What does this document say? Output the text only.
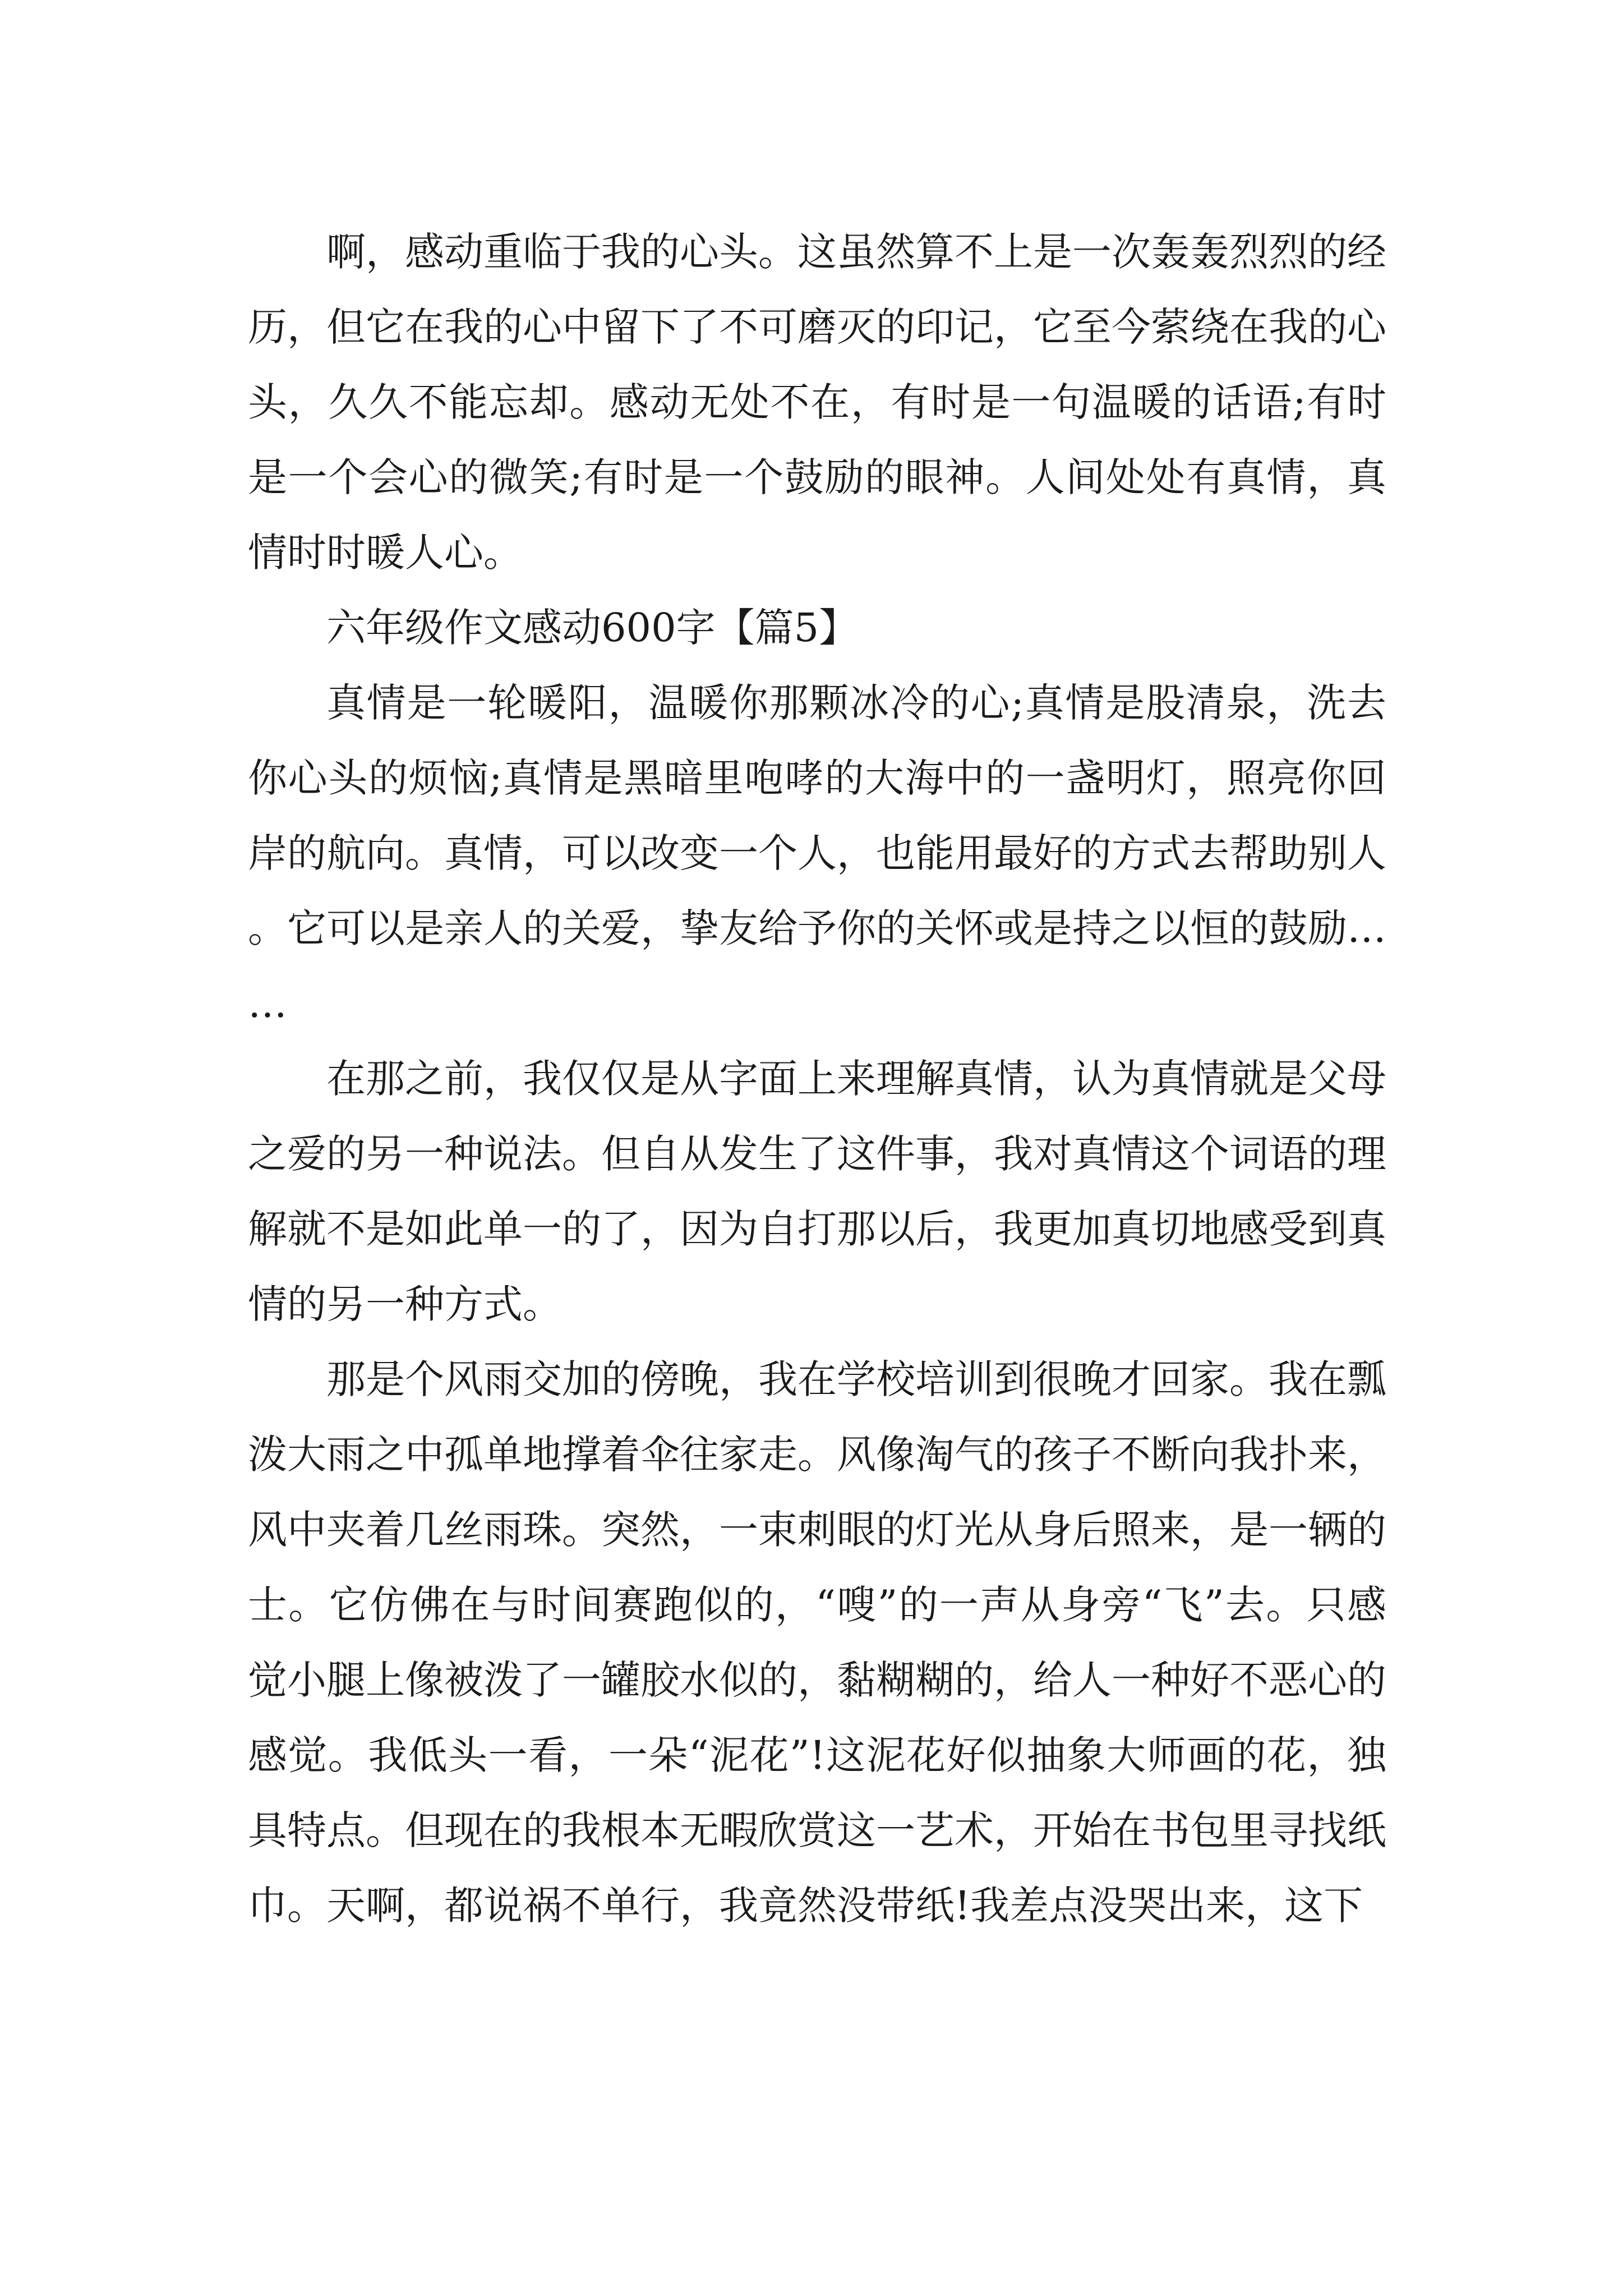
啊，感动重临于我的心头。这虽然算不上是一次轰轰烈烈的经历，但它在我的心中留下了不可磨灭的印记，它至今萦绕在我的心头，久久不能忘却。感动无处不在，有时是一句温暖的话语;有时是一个会心的微笑;有时是一个鼓励的眼神。人间处处有真情，真情时时暖人心。

六年级作文感动600字【篇5】

真情是一轮暖阳，温暖你那颗冰冷的心;真情是股清泉，洗去你心头的烦恼;真情是黑暗里咆哮的大海中的一盏明灯，照亮你回岸的航向。真情，可以改变一个人，也能用最好的方式去帮助别人。它可以是亲人的关爱，挚友给予你的关怀或是持之以恒的鼓励……

在那之前，我仅仅是从字面上来理解真情，认为真情就是父母之爱的另一种说法。但自从发生了这件事，我对真情这个词语的理解就不是如此单一的了，因为自打那以后，我更加真切地感受到真情的另一种方式。

那是个风雨交加的傍晚，我在学校培训到很晚才回家。我在瓢泼大雨之中孤单地撑着伞往家走。风像淘气的孩子不断向我扑来，风中夹着几丝雨珠。突然，一束刺眼的灯光从身后照来，是一辆的士。它仿佛在与时间赛跑似的，“嗖”的一声从身旁“飞”去。只感觉小腿上像被泼了一罐胶水似的，黏糊糊的，给人一种好不恶心的感觉。我低头一看，一朵“泥花”!这泥花好似抽象大师画的花，独具特点。但现在的我根本无暇欣赏这一艺术，开始在书包里寻找纸巾。天啊，都说祸不单行，我竟然没带纸!我差点没哭出来，这下
